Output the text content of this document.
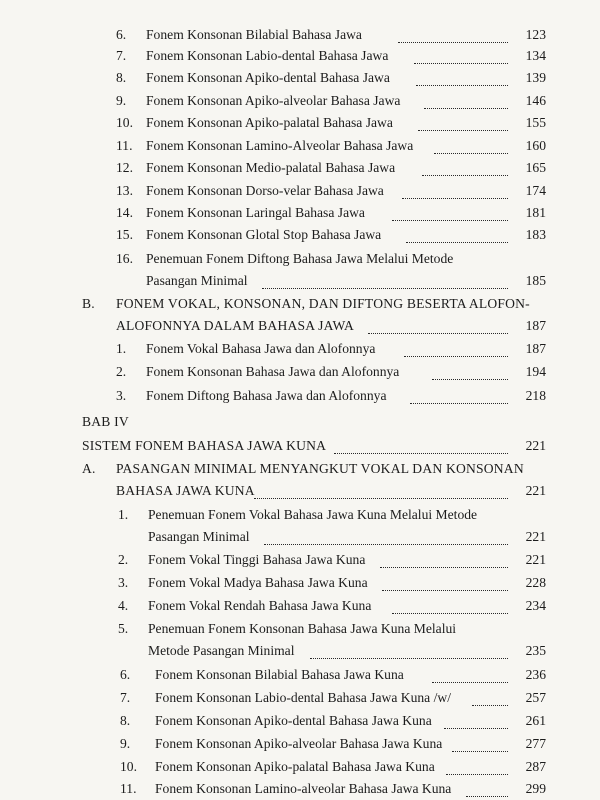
6. Fonem Konsonan Bilabial Bahasa Jawa	123
7. Fonem Konsonan Labio-dental Bahasa Jawa	134
8. Fonem Konsonan Apiko-dental Bahasa Jawa	139
9. Fonem Konsonan Apiko-alveolar Bahasa Jawa	146
10. Fonem Konsonan Apiko-palatal Bahasa Jawa	155
11. Fonem Konsonan Lamino-Alveolar Bahasa Jawa	160
12. Fonem Konsonan Medio-palatal Bahasa Jawa	165
13. Fonem Konsonan Dorso-velar Bahasa Jawa	174
14. Fonem Konsonan Laringal Bahasa Jawa	181
15. Fonem Konsonan Glotal Stop Bahasa Jawa	183
16. Penemuan Fonem Diftong Bahasa Jawa Melalui Metode
Pasangan Minimal	185
B. FONEM VOKAL, KONSONAN, DAN DIFTONG BESERTA ALOFON-
ALOFONNYA DALAM BAHASA JAWA	187
1. Fonem Vokal Bahasa Jawa dan Alofonnya	187
2. Fonem Konsonan Bahasa Jawa dan Alofonnya	194
3. Fonem Diftong Bahasa Jawa dan Alofonnya	218
BAB IV
SISTEM FONEM BAHASA JAWA KUNA	221
A. PASANGAN MINIMAL MENYANGKUT VOKAL DAN KONSONAN
BAHASA JAWA KUNA	221
1. Penemuan Fonem Vokal Bahasa Jawa Kuna Melalui Metode
Pasangan Minimal	221
2. Fonem Vokal Tinggi Bahasa Jawa Kuna	221
3. Fonem Vokal Madya Bahasa Jawa Kuna	228
4. Fonem Vokal Rendah Bahasa Jawa Kuna	234
5. Penemuan Fonem Konsonan Bahasa Jawa Kuna Melalui
Metode Pasangan Minimal	235
6. Fonem Konsonan Bilabial Bahasa Jawa Kuna	236
7. Fonem Konsonan Labio-dental Bahasa Jawa Kuna /w/	257
8. Fonem Konsonan Apiko-dental Bahasa Jawa Kuna	261
9. Fonem Konsonan Apiko-alveolar Bahasa Jawa Kuna	277
10. Fonem Konsonan Apiko-palatal Bahasa Jawa Kuna	287
11. Fonem Konsonan Lamino-alveolar Bahasa Jawa Kuna	299
